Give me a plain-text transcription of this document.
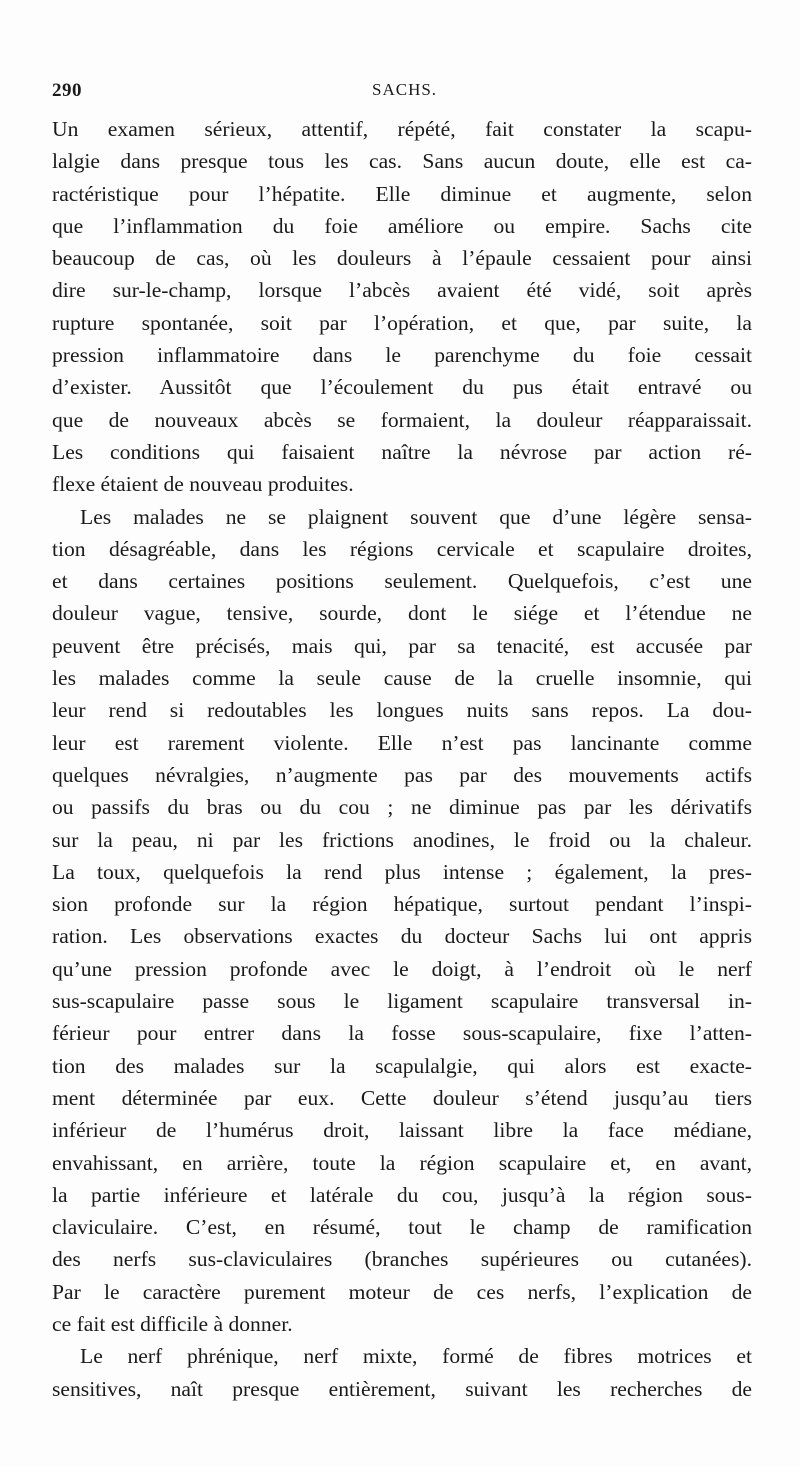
290	SACHS.
Un examen sérieux, attentif, répété, fait constater la scapu-
lalgie dans presque tous les cas. Sans aucun doute, elle est ca-
ractéristique pour l’hépatite. Elle diminue et augmente, selon
que l’inflammation du foie améliore ou empire. Sachs cite
beaucoup de cas, où les douleurs à l’épaule cessaient pour ainsi
dire sur-le-champ, lorsque l’abcès avaient été vidé, soit après
rupture spontanée, soit par l’opération, et que, par suite, la
pression inflammatoire dans le parenchyme du foie cessait
d’exister. Aussitôt que l’écoulement du pus était entravé ou
que de nouveaux abcès se formaient, la douleur réapparaissait.
Les conditions qui faisaient naître la névrose par action ré-
flexe étaient de nouveau produites.
Les malades ne se plaignent souvent que d’une légère sensa-
tion désagréable, dans les régions cervicale et scapulaire droites,
et dans certaines positions seulement. Quelquefois, c’est une
douleur vague, tensive, sourde, dont le siége et l’étendue ne
peuvent être précisés, mais qui, par sa tenacité, est accusée par
les malades comme la seule cause de la cruelle insomnie, qui
leur rend si redoutables les longues nuits sans repos. La dou-
leur est rarement violente. Elle n’est pas lancinante comme
quelques névralgies, n’augmente pas par des mouvements actifs
ou passifs du bras ou du cou ; ne diminue pas par les dérivatifs
sur la peau, ni par les frictions anodines, le froid ou la chaleur.
La toux, quelquefois la rend plus intense ; également, la pres-
sion profonde sur la région hépatique, surtout pendant l’inspi-
ration. Les observations exactes du docteur Sachs lui ont appris
qu’une pression profonde avec le doigt, à l’endroit où le nerf
sus-scapulaire passe sous le ligament scapulaire transversal in-
férieur pour entrer dans la fosse sous-scapulaire, fixe l’atten-
tion des malades sur la scapulalgie, qui alors est exacte-
ment déterminée par eux. Cette douleur s’étend jusqu’au tiers
inférieur de l’humérus droit, laissant libre la face médiane,
envahissant, en arrière, toute la région scapulaire et, en avant,
la partie inférieure et latérale du cou, jusqu’à la région sous-
claviculaire. C’est, en résumé, tout le champ de ramification
des nerfs sus-claviculaires (branches supérieures ou cutanées).
Par le caractère purement moteur de ces nerfs, l’explication de
ce fait est difficile à donner.
Le nerf phrénique, nerf mixte, formé de fibres motrices et
sensitives, naît presque entièrement, suivant les recherches de
